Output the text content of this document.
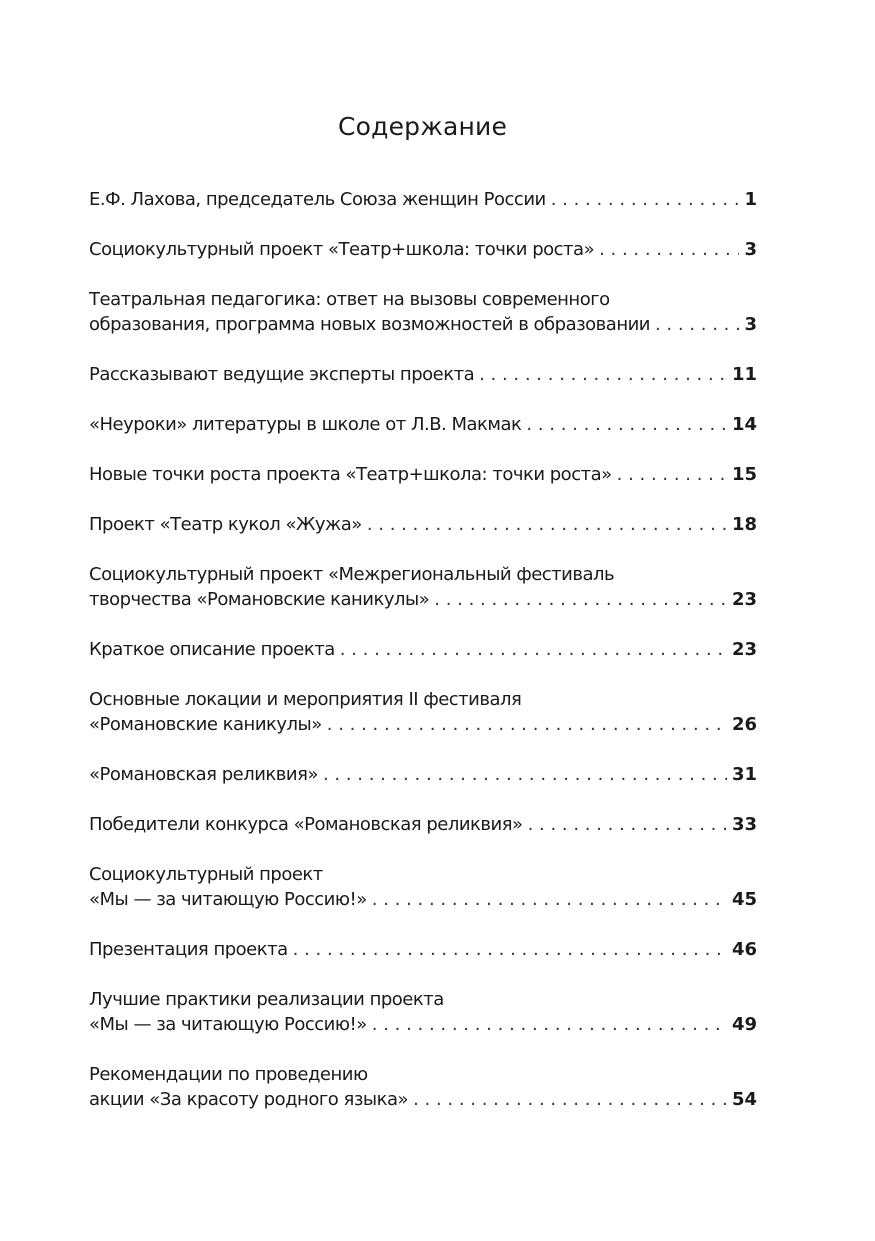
Содержание
Е.Ф. Лахова, председатель Союза женщин России . . .	1
Социокультурный проект «Театр+школа: точки роста» . . .	3
Театральная педагогика: ответ на вызовы современного
образования, программа новых возможностей в образовании . . .	3
Рассказывают ведущие эксперты проекта . . .	11
«Неуроки» литературы в школе от Л.В. Макмак . . .	14
Новые точки роста проекта «Театр+школа: точки роста» . . .	15
Проект «Театр кукол «Жужа» . . .	18
Социокультурный проект «Межрегиональный фестиваль
творчества «Романовские каникулы» . . .	23
Краткое описание проекта . . .	23
Основные локации и мероприятия II фестиваля
«Романовские каникулы» . . .	26
«Романовская реликвия» . . .	31
Победители конкурса «Романовская реликвия» . . .	33
Социокультурный проект
«Мы — за читающую Россию!» . . .	45
Презентация проекта . . .	46
Лучшие практики реализации проекта
«Мы — за читающую Россию!» . . .	49
Рекомендации по проведению
акции «За красоту родного языка» . . .	54
